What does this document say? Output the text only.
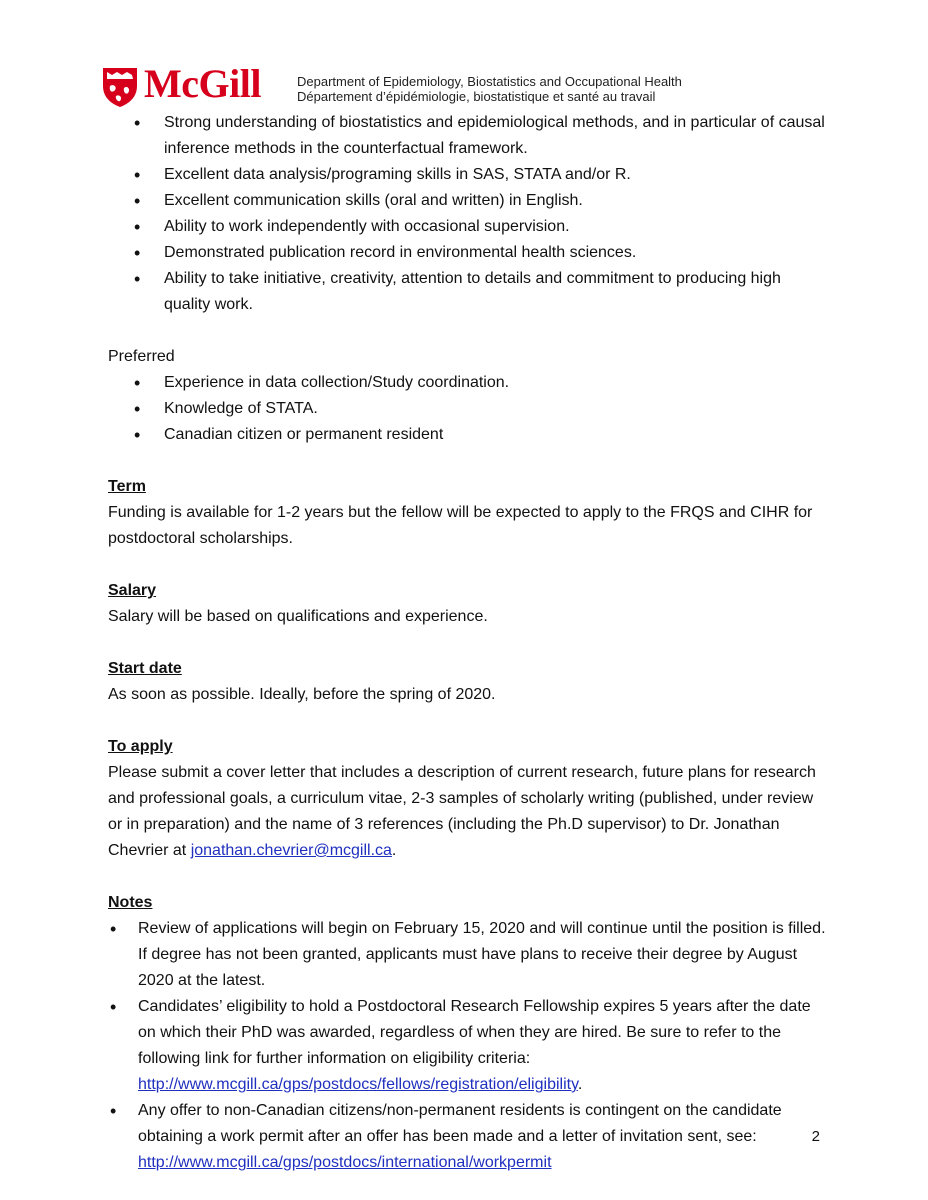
McGill	Department of Epidemiology, Biostatistics and Occupational Health
Département d’épidémiologie, biostatistique et santé au travail
• Strong understanding of biostatistics and epidemiological methods, and in particular of causal inference methods in the counterfactual framework.
• Excellent data analysis/programing skills in SAS, STATA and/or R.
• Excellent communication skills (oral and written) in English.
• Ability to work independently with occasional supervision.
• Demonstrated publication record in environmental health sciences.
• Ability to take initiative, creativity, attention to details and commitment to producing high quality work.

Preferred

• Experience in data collection/Study coordination.
• Knowledge of STATA.
• Canadian citizen or permanent resident

Term

Funding is available for 1-2 years but the fellow will be expected to apply to the FRQS and CIHR for postdoctoral scholarships.

Salary

Salary will be based on qualifications and experience.

Start date

As soon as possible. Ideally, before the spring of 2020.

To apply

Please submit a cover letter that includes a description of current research, future plans for research and professional goals, a curriculum vitae, 2-3 samples of scholarly writing (published, under review or in preparation) and the name of 3 references (including the Ph.D supervisor) to Dr. Jonathan Chevrier at jonathan.chevrier@mcgill.ca.

Notes

• Review of applications will begin on February 15, 2020 and will continue until the position is filled. If degree has not been granted, applicants must have plans to receive their degree by August 2020 at the latest.
• Candidates’ eligibility to hold a Postdoctoral Research Fellowship expires 5 years after the date on which their PhD was awarded, regardless of when they are hired. Be sure to refer to the following link for further information on eligibility criteria: http://www.mcgill.ca/gps/postdocs/fellows/registration/eligibility.
• Any offer to non-Canadian citizens/non-permanent residents is contingent on the candidate obtaining a work permit after an offer has been made and a letter of invitation sent, see: http://www.mcgill.ca/gps/postdocs/international/workpermit
2
